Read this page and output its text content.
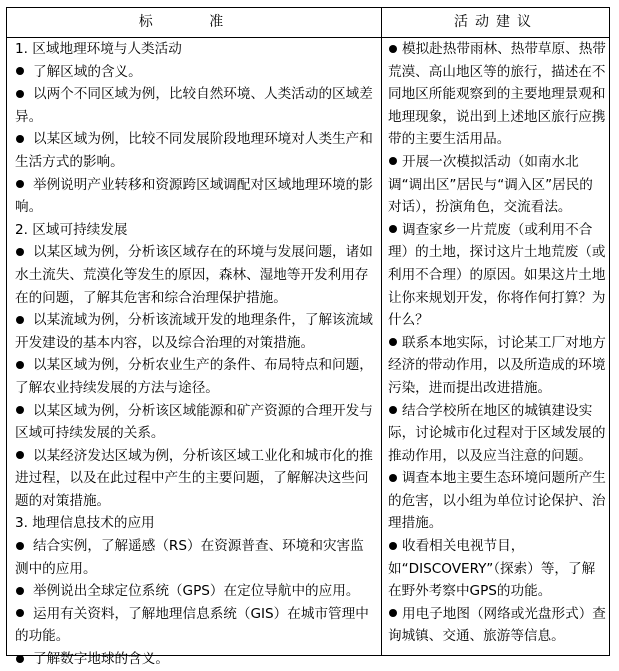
标 准	活动建议

1. 区域地理环境与人类活动

了解区域的含义。

以两个不同区域为例，比较自然环境、人类活动的区域差异。

以某区域为例，比较不同发展阶段地理环境对人类生产和生活方式的影响。

举例说明产业转移和资源跨区域调配对区域地理环境的影响。

2. 区域可持续发展

以某区域为例，分析该区域存在的环境与发展问题，诸如水土流失、荒漠化等发生的原因，森林、湿地等开发利用存在的问题，了解其危害和综合治理保护措施。

以某流域为例，分析该流域开发的地理条件，了解该流域开发建设的基本内容，以及综合治理的对策措施。

以某区域为例，分析农业生产的条件、布局特点和问题，了解农业持续发展的方法与途径。

以某区域为例，分析该区域能源和矿产资源的合理开发与区域可持续发展的关系。

以某经济发达区域为例，分析该区域工业化和城市化的推进过程，以及在此过程中产生的主要问题，了解解决这些问题的对策措施。

3. 地理信息技术的应用

结合实例，了解遥感（RS）在资源普查、环境和灾害监测中的应用。

举例说出全球定位系统（GPS）在定位导航中的应用。

运用有关资料，了解地理信息系统（GIS）在城市管理中的功能。

了解数字地球的含义。

模拟赴热带雨林、热带草原、热带荒漠、高山地区等的旅行，描述在不同地区所能观察到的主要地理景观和地理现象，说出到上述地区旅行应携带的主要生活用品。

开展一次模拟活动（如南水北调“调出区”居民与“调入区”居民的对话），扮演角色，交流看法。

调查家乡一片荒废（或利用不合理）的土地，探讨这片土地荒废（或利用不合理）的原因。如果这片土地让你来规划开发，你将作何打算？为什么？

联系本地实际，讨论某工厂对地方经济的带动作用，以及所造成的环境污染，进而提出改进措施。

结合学校所在地区的城镇建设实际，讨论城市化过程对于区域发展的推动作用，以及应当注意的问题。

调查本地主要生态环境问题所产生的危害，以小组为单位讨论保护、治理措施。

收看相关电视节目，如“DISCOVERY”（探索）等，了解在野外考察中GPS的功能。

用电子地图（网络或光盘形式）查询城镇、交通、旅游等信息。
